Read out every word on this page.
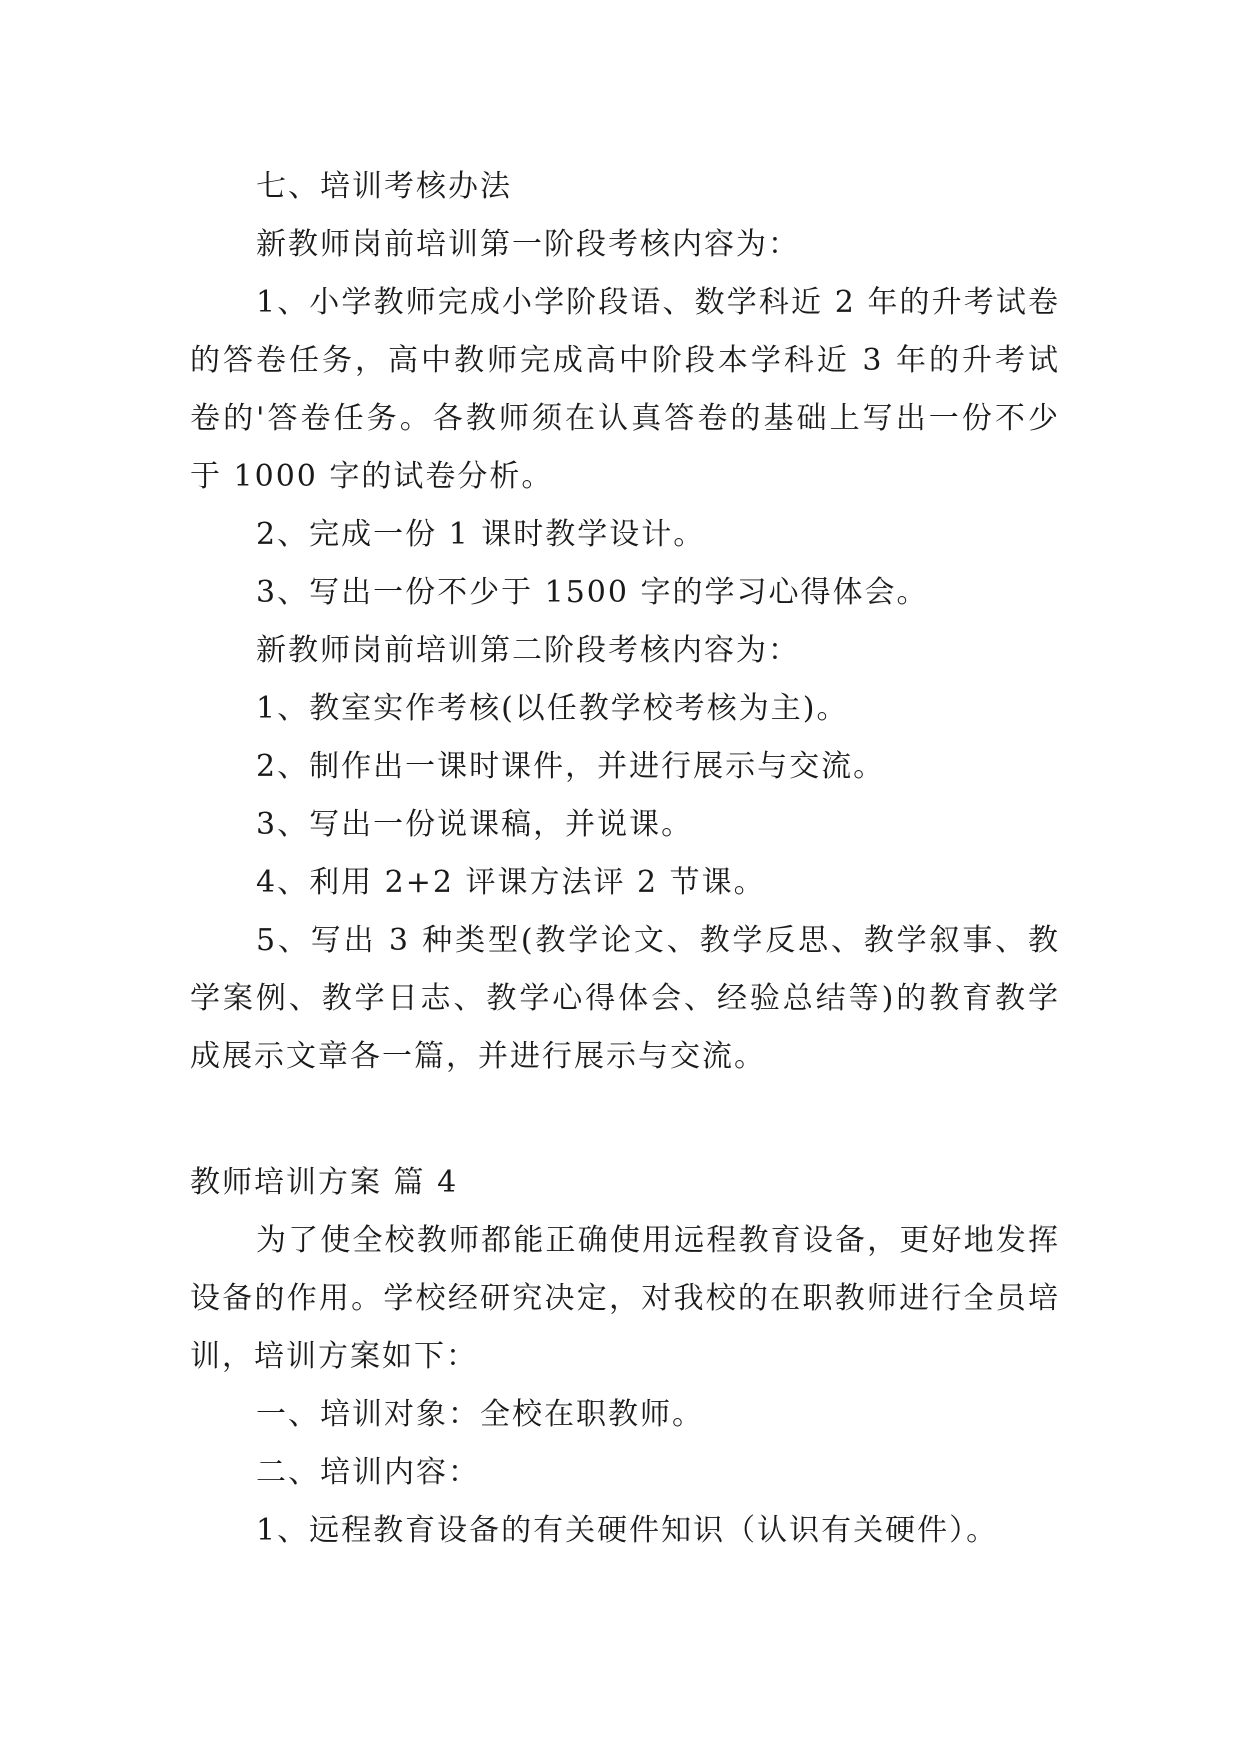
七、培训考核办法

新教师岗前培训第一阶段考核内容为：

1、小学教师完成小学阶段语、数学科近 2 年的升考试卷的答卷任务，高中教师完成高中阶段本学科近 3 年的升考试卷的'答卷任务。各教师须在认真答卷的基础上写出一份不少于 1000 字的试卷分析。

2、完成一份 1 课时教学设计。

3、写出一份不少于 1500 字的学习心得体会。

新教师岗前培训第二阶段考核内容为：

1、教室实作考核(以任教学校考核为主)。

2、制作出一课时课件，并进行展示与交流。

3、写出一份说课稿，并说课。

4、利用 2+2 评课方法评 2 节课。

5、写出 3 种类型(教学论文、教学反思、教学叙事、教学案例、教学日志、教学心得体会、经验总结等)的教育教学成展示文章各一篇，并进行展示与交流。

教师培训方案 篇 4

为了使全校教师都能正确使用远程教育设备，更好地发挥设备的作用。学校经研究决定，对我校的在职教师进行全员培训，培训方案如下：

一、培训对象：全校在职教师。

二、培训内容：

1、远程教育设备的有关硬件知识（认识有关硬件）。
